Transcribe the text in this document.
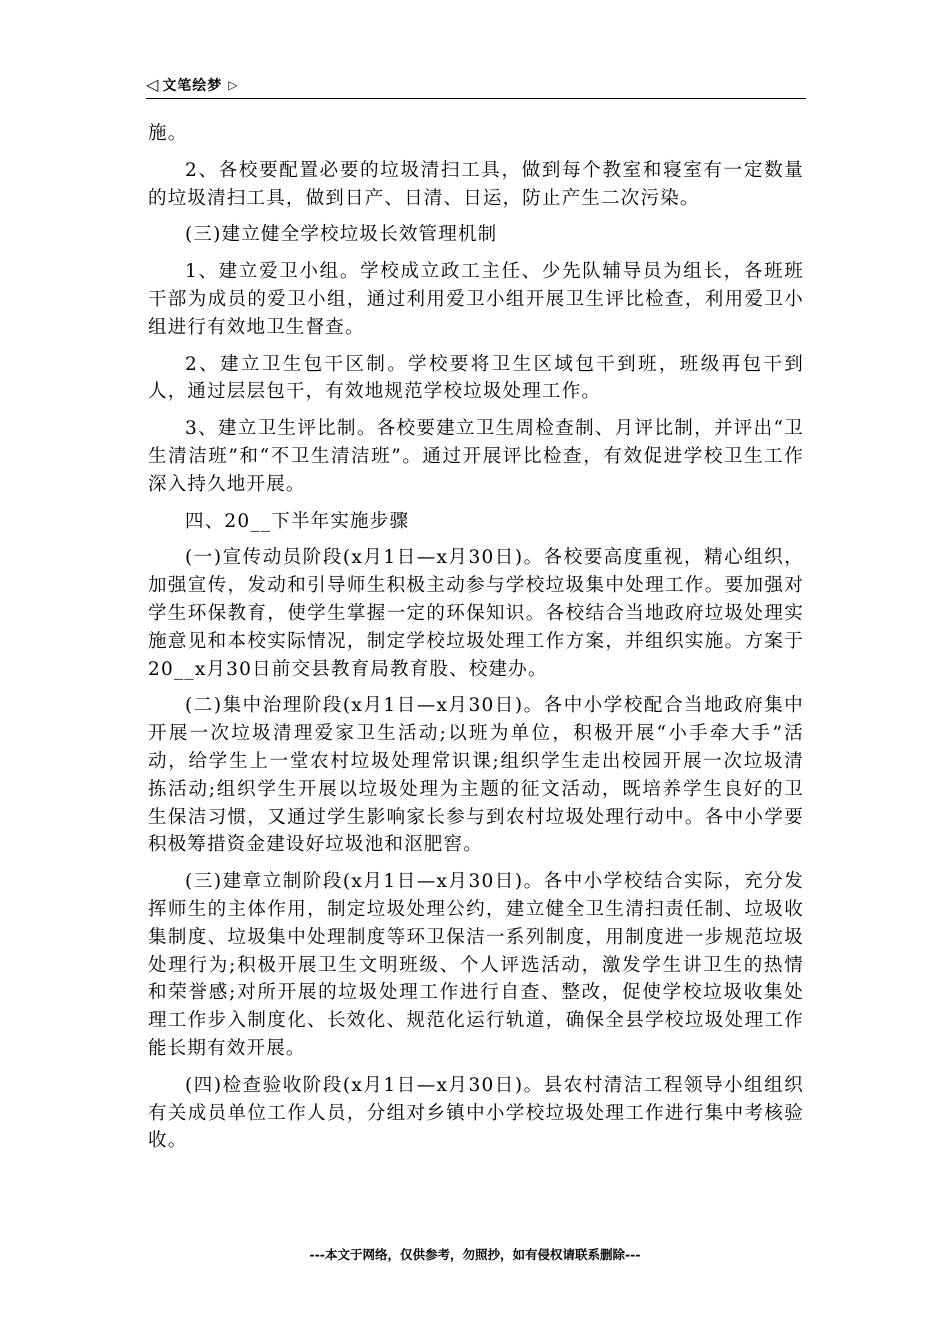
◁ 文笔绘梦 ▷

施。

2、各校要配置必要的垃圾清扫工具，做到每个教室和寝室有一定数量的垃圾清扫工具，做到日产、日清、日运，防止产生二次污染。

(三)建立健全学校垃圾长效管理机制

1、建立爱卫小组。学校成立政工主任、少先队辅导员为组长，各班班干部为成员的爱卫小组，通过利用爱卫小组开展卫生评比检查，利用爱卫小组进行有效地卫生督查。

2、建立卫生包干区制。学校要将卫生区域包干到班，班级再包干到人，通过层层包干，有效地规范学校垃圾处理工作。

3、建立卫生评比制。各校要建立卫生周检查制、月评比制，并评出“卫生清洁班”和“不卫生清洁班”。通过开展评比检查，有效促进学校卫生工作深入持久地开展。

四、20__下半年实施步骤

(一)宣传动员阶段(x月1日—x月30日)。各校要高度重视，精心组织，加强宣传，发动和引导师生积极主动参与学校垃圾集中处理工作。要加强对学生环保教育，使学生掌握一定的环保知识。各校结合当地政府垃圾处理实施意见和本校实际情况，制定学校垃圾处理工作方案，并组织实施。方案于20__x月30日前交县教育局教育股、校建办。

(二)集中治理阶段(x月1日—x月30日)。各中小学校配合当地政府集中开展一次垃圾清理爱家卫生活动;以班为单位，积极开展“小手牵大手”活动，给学生上一堂农村垃圾处理常识课;组织学生走出校园开展一次垃圾清拣活动;组织学生开展以垃圾处理为主题的征文活动，既培养学生良好的卫生保洁习惯，又通过学生影响家长参与到农村垃圾处理行动中。各中小学要积极筹措资金建设好垃圾池和沤肥窖。

(三)建章立制阶段(x月1日—x月30日)。各中小学校结合实际，充分发挥师生的主体作用，制定垃圾处理公约，建立健全卫生清扫责任制、垃圾收集制度、垃圾集中处理制度等环卫保洁一系列制度，用制度进一步规范垃圾处理行为;积极开展卫生文明班级、个人评选活动，激发学生讲卫生的热情和荣誉感;对所开展的垃圾处理工作进行自查、整改，促使学校垃圾收集处理工作步入制度化、长效化、规范化运行轨道，确保全县学校垃圾处理工作能长期有效开展。

(四)检查验收阶段(x月1日—x月30日)。县农村清洁工程领导小组组织有关成员单位工作人员，分组对乡镇中小学校垃圾处理工作进行集中考核验收。

---本文于网络，仅供参考，勿照抄，如有侵权请联系删除---
